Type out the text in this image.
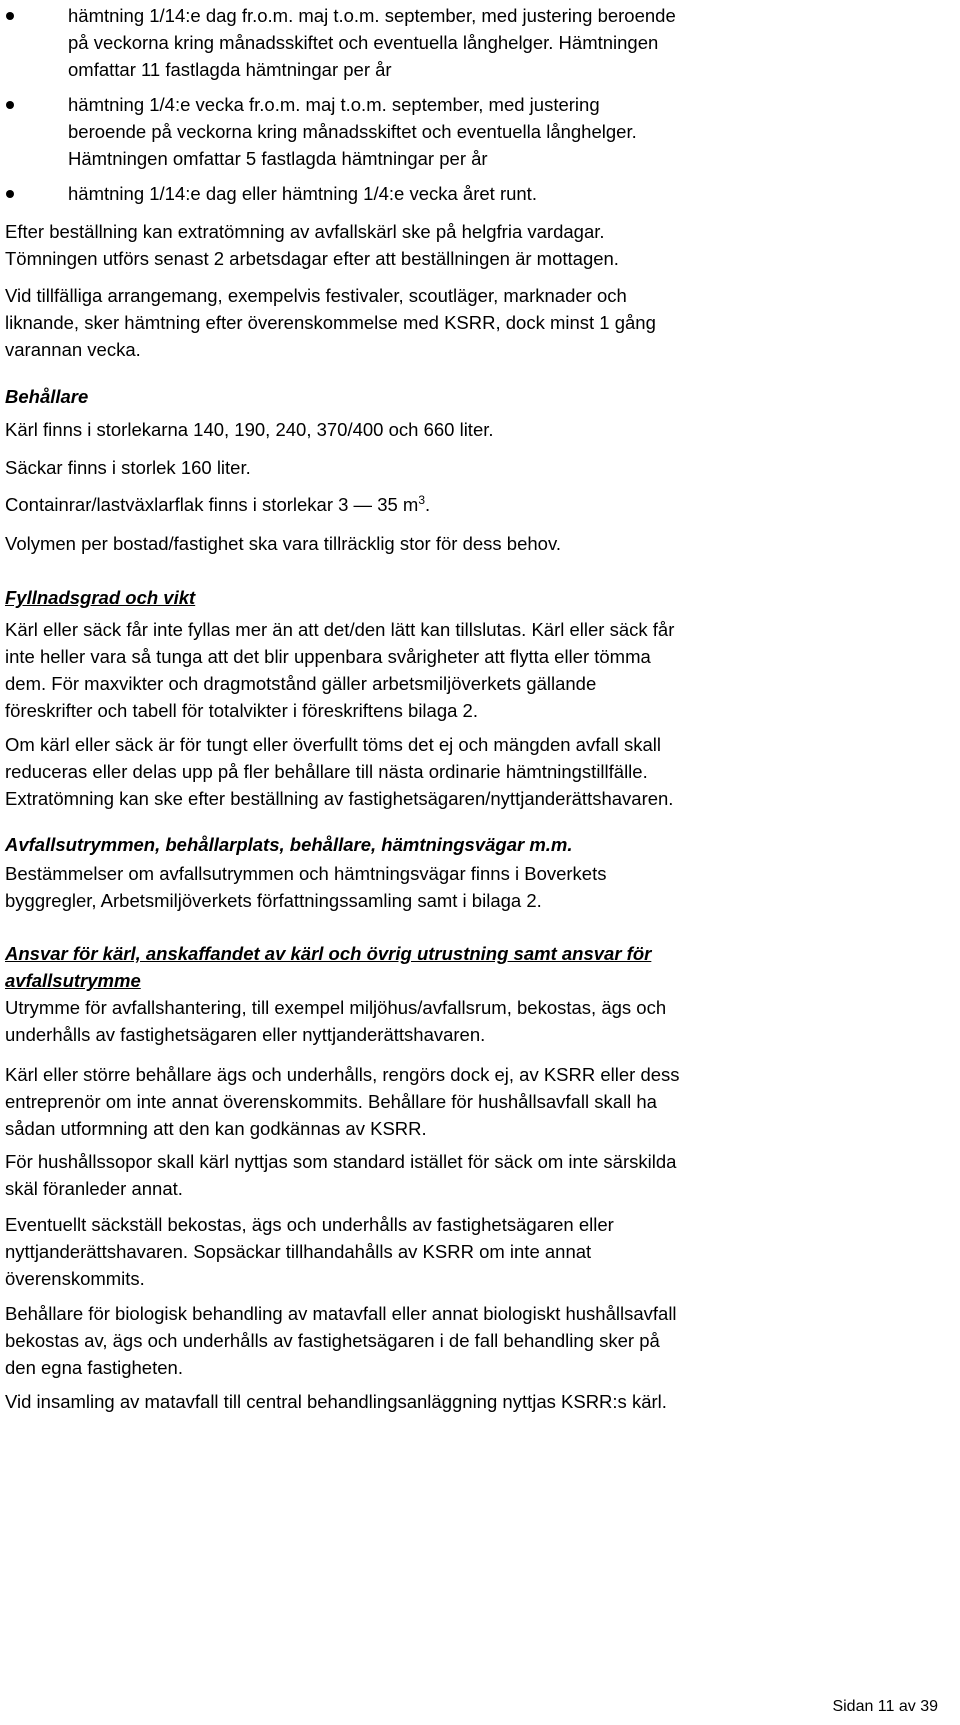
hämtning 1/14:e dag fr.o.m. maj t.o.m. september, med justering beroende
på veckorna kring månadsskiftet och eventuella långhelger. Hämtningen
omfattar 11 fastlagda hämtningar per år
hämtning 1/4:e vecka fr.o.m. maj t.o.m. september, med justering
beroende på veckorna kring månadsskiftet och eventuella långhelger.
Hämtningen omfattar 5 fastlagda hämtningar per år
hämtning 1/14:e dag eller hämtning 1/4:e vecka året runt.
Efter beställning kan extratömning av avfallskärl ske på helgfria vardagar.
Tömningen utförs senast 2 arbetsdagar efter att beställningen är mottagen.
Vid tillfälliga arrangemang, exempelvis festivaler, scoutläger, marknader och
liknande, sker hämtning efter överenskommelse med KSRR, dock minst 1 gång
varannan vecka.
Behållare
Kärl finns i storlekarna 140, 190, 240, 370/400 och 660 liter.
Säckar finns i storlek 160 liter.
Containrar/lastväxlarflak finns i storlekar 3 — 35 $m^3$.
Volymen per bostad/fastighet ska vara tillräcklig stor för dess behov.
Fyllnadsgrad och vikt
Kärl eller säck får inte fyllas mer än att det/den lätt kan tillslutas. Kärl eller säck får
inte heller vara så tunga att det blir uppenbara svårigheter att flytta eller tömma
dem. För maxvikter och dragmotstånd gäller arbetsmiljöverkets gällande
föreskrifter och tabell för totalvikter i föreskriftens bilaga 2.
Om kärl eller säck är för tungt eller överfullt töms det ej och mängden avfall skall
reduceras eller delas upp på fler behållare till nästa ordinarie hämtningstillfälle.
Extratömning kan ske efter beställning av fastighetsägaren/nyttjanderättshavaren.
Avfallsutrymmen, behållarplats, behållare, hämtningsvägar m.m.
Bestämmelser om avfallsutrymmen och hämtningsvägar finns i Boverkets
byggregler, Arbetsmiljöverkets författningssamling samt i bilaga 2.
Ansvar för kärl, anskaffandet av kärl och övrig utrustning samt ansvar för
avfallsutrymme
Utrymme för avfallshantering, till exempel miljöhus/avfallsrum, bekostas, ägs och
underhålls av fastighetsägaren eller nyttjanderättshavaren.
Kärl eller större behållare ägs och underhålls, rengörs dock ej, av KSRR eller dess
entreprenör om inte annat överenskommits. Behållare för hushållsavfall skall ha
sådan utformning att den kan godkännas av KSRR.
För hushållssopor skall kärl nyttjas som standard istället för säck om inte särskilda
skäl föranleder annat.
Eventuellt säckställ bekostas, ägs och underhålls av fastighetsägaren eller
nyttjanderättshavaren. Sopsäckar tillhandahålls av KSRR om inte annat
överenskommits.
Behållare för biologisk behandling av matavfall eller annat biologiskt hushållsavfall
bekostas av, ägs och underhålls av fastighetsägaren i de fall behandling sker på
den egna fastigheten.
Vid insamling av matavfall till central behandlingsanläggning nyttjas KSRR:s kärl.
Sidan 11 av 39
